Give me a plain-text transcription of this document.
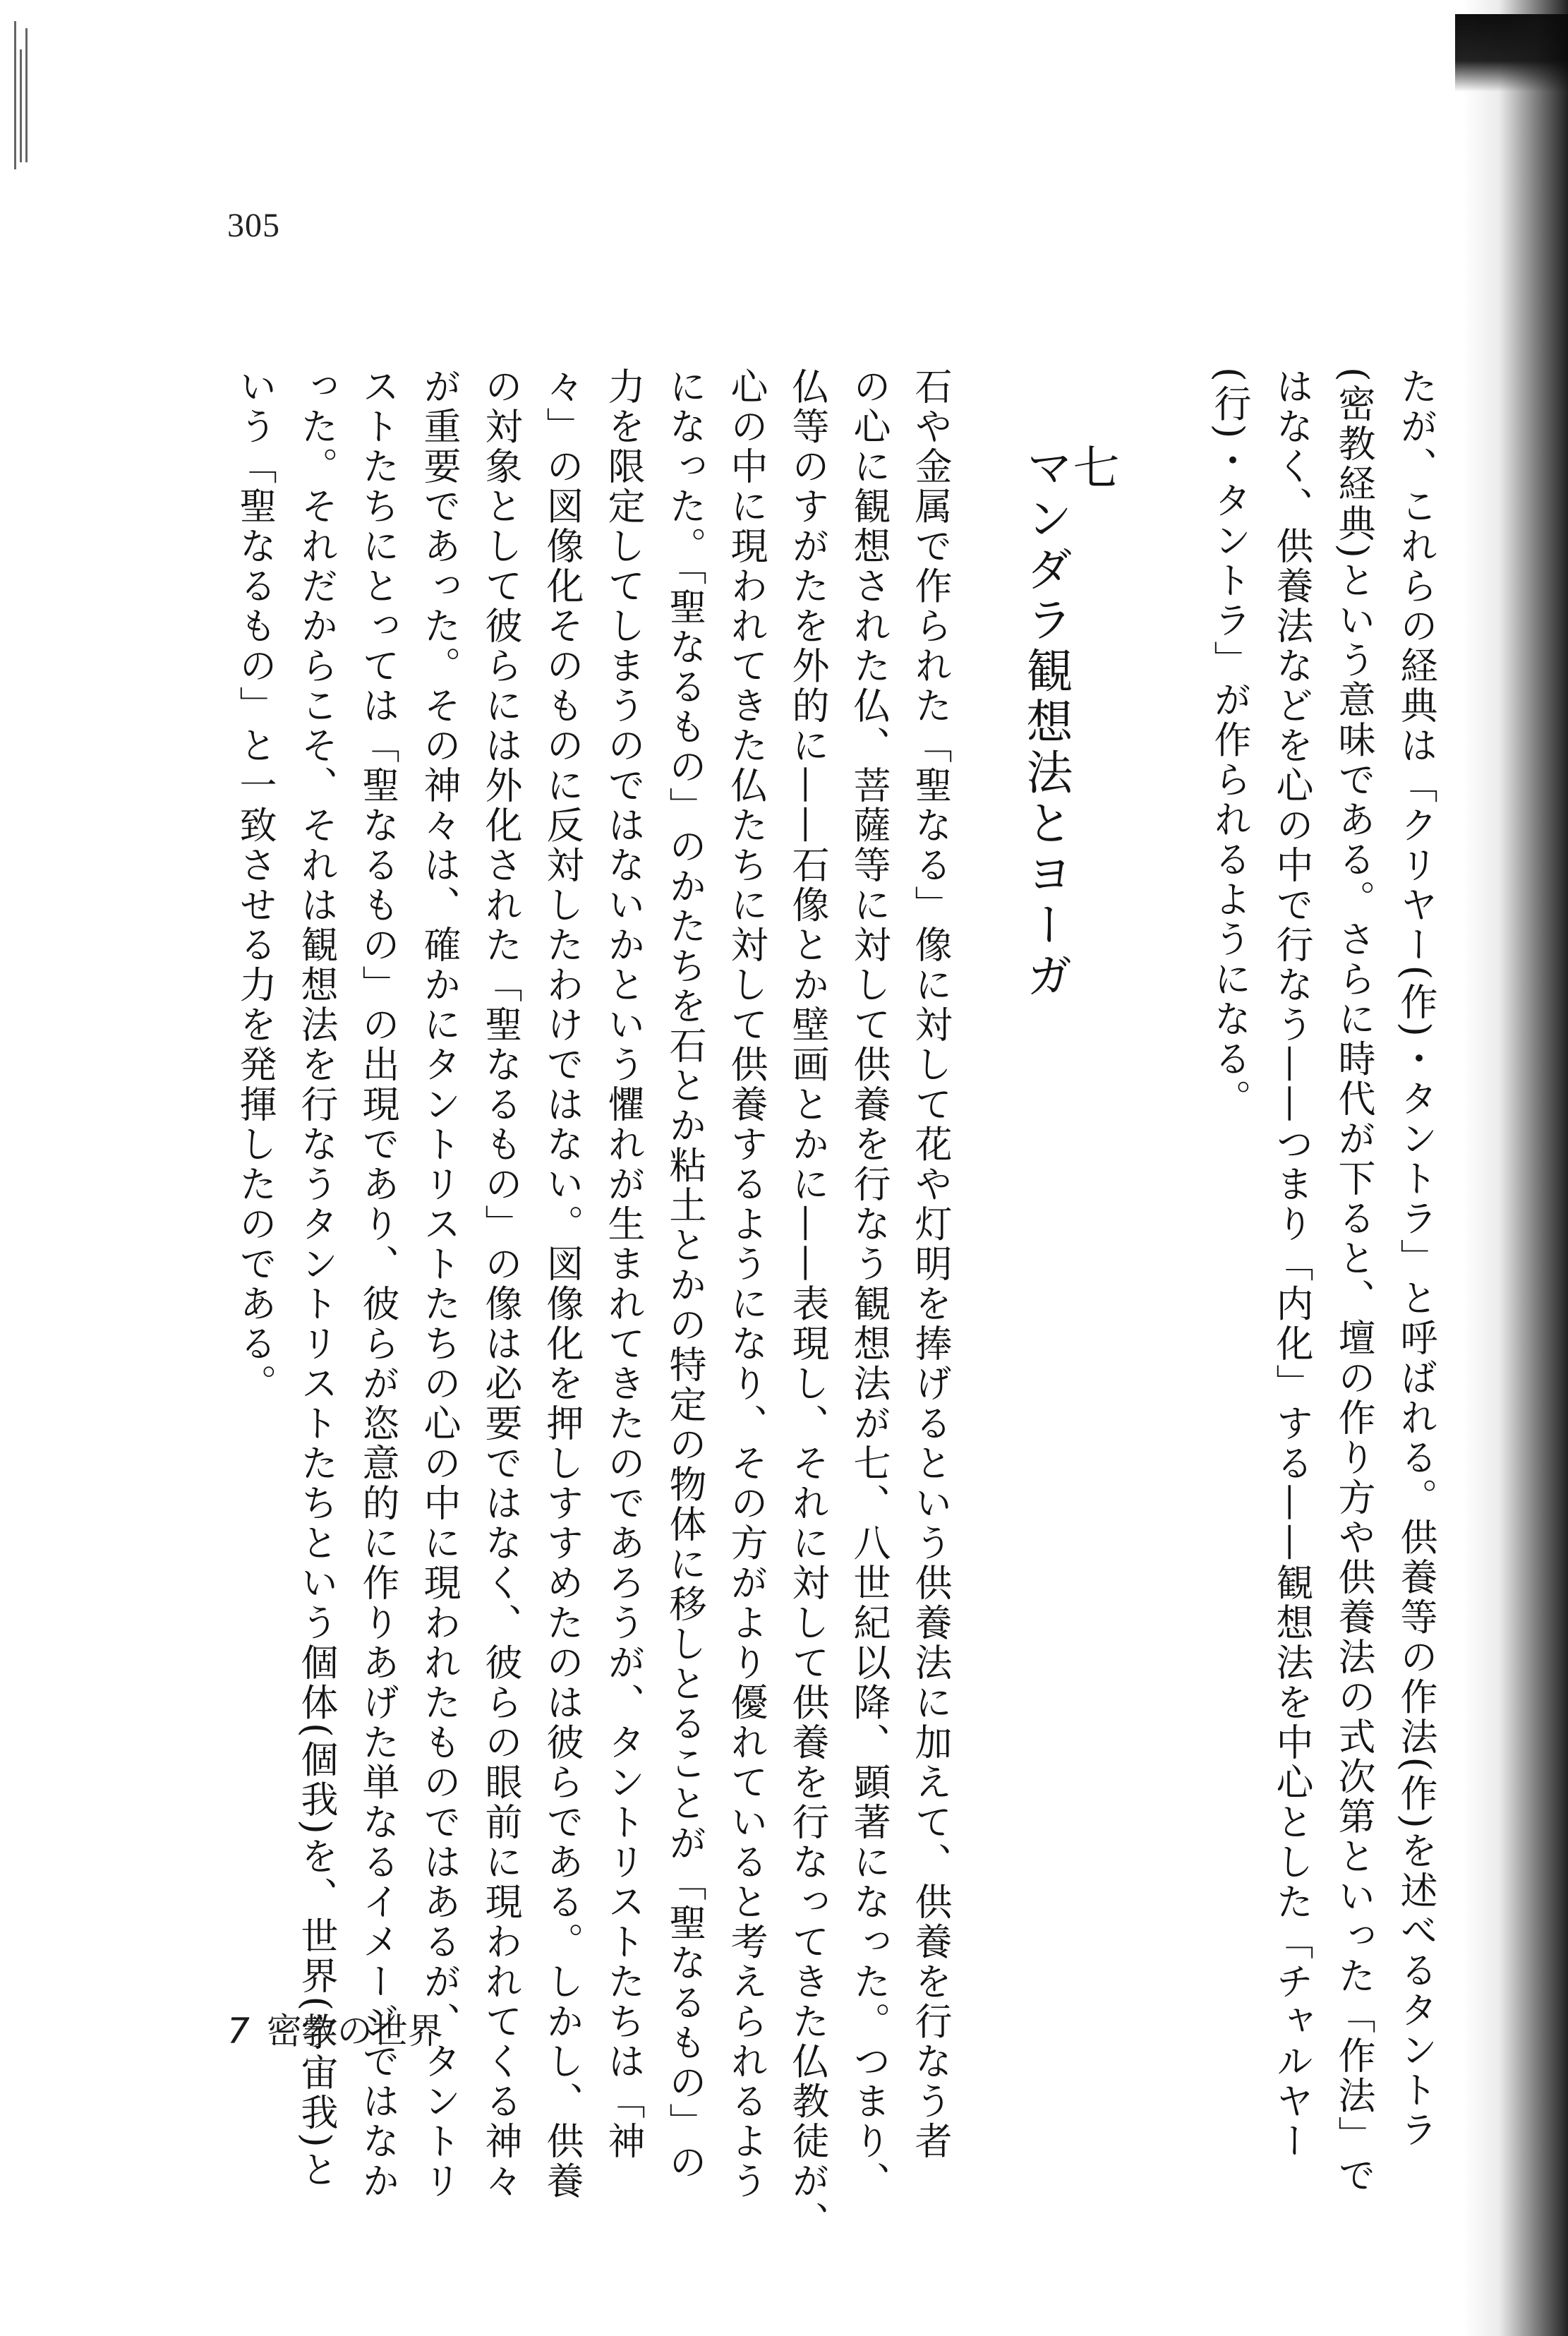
305
たが、これらの経典は「クリヤー(作)・タントラ」と呼ばれる。供養等の作法(作)を述べるタントラ
(密教経典)という意味である。さらに時代が下ると、壇の作り方や供養法の式次第といった「作法」で
はなく、供養法などを心の中で行なう——つまり「内化」する——観想法を中心とした「チャルヤー
(行)・タントラ」が作られるようになる。
七
マンダラ観想法とヨーガ
石や金属で作られた「聖なる」像に対して花や灯明を捧げるという供養法に加えて、供養を行なう者
の心に観想された仏、菩薩等に対して供養を行なう観想法が七、八世紀以降、顕著になった。つまり、
仏等のすがたを外的に——石像とか壁画とかに——表現し、それに対して供養を行なってきた仏教徒が、
心の中に現われてきた仏たちに対して供養するようになり、その方がより優れていると考えられるよう
になった。「聖なるもの」のかたちを石とか粘土とかの特定の物体に移しとることが「聖なるもの」の
力を限定してしまうのではないかという懼れが生まれてきたのであろうが、タントリストたちは「神
々」の図像化そのものに反対したわけではない。図像化を押しすすめたのは彼らである。しかし、供養
の対象として彼らには外化された「聖なるもの」の像は必要ではなく、彼らの眼前に現われてくる神々
が重要であった。その神々は、確かにタントリストたちの心の中に現われたものではあるが、タントリ
ストたちにとっては「聖なるもの」の出現であり、彼らが恣意的に作りあげた単なるイメージではなか
った。それだからこそ、それは観想法を行なうタントリストたちという個体(個我)を、世界(宇宙我)と
いう「聖なるもの」と一致させる力を発揮したのである。
7 密教の世界
